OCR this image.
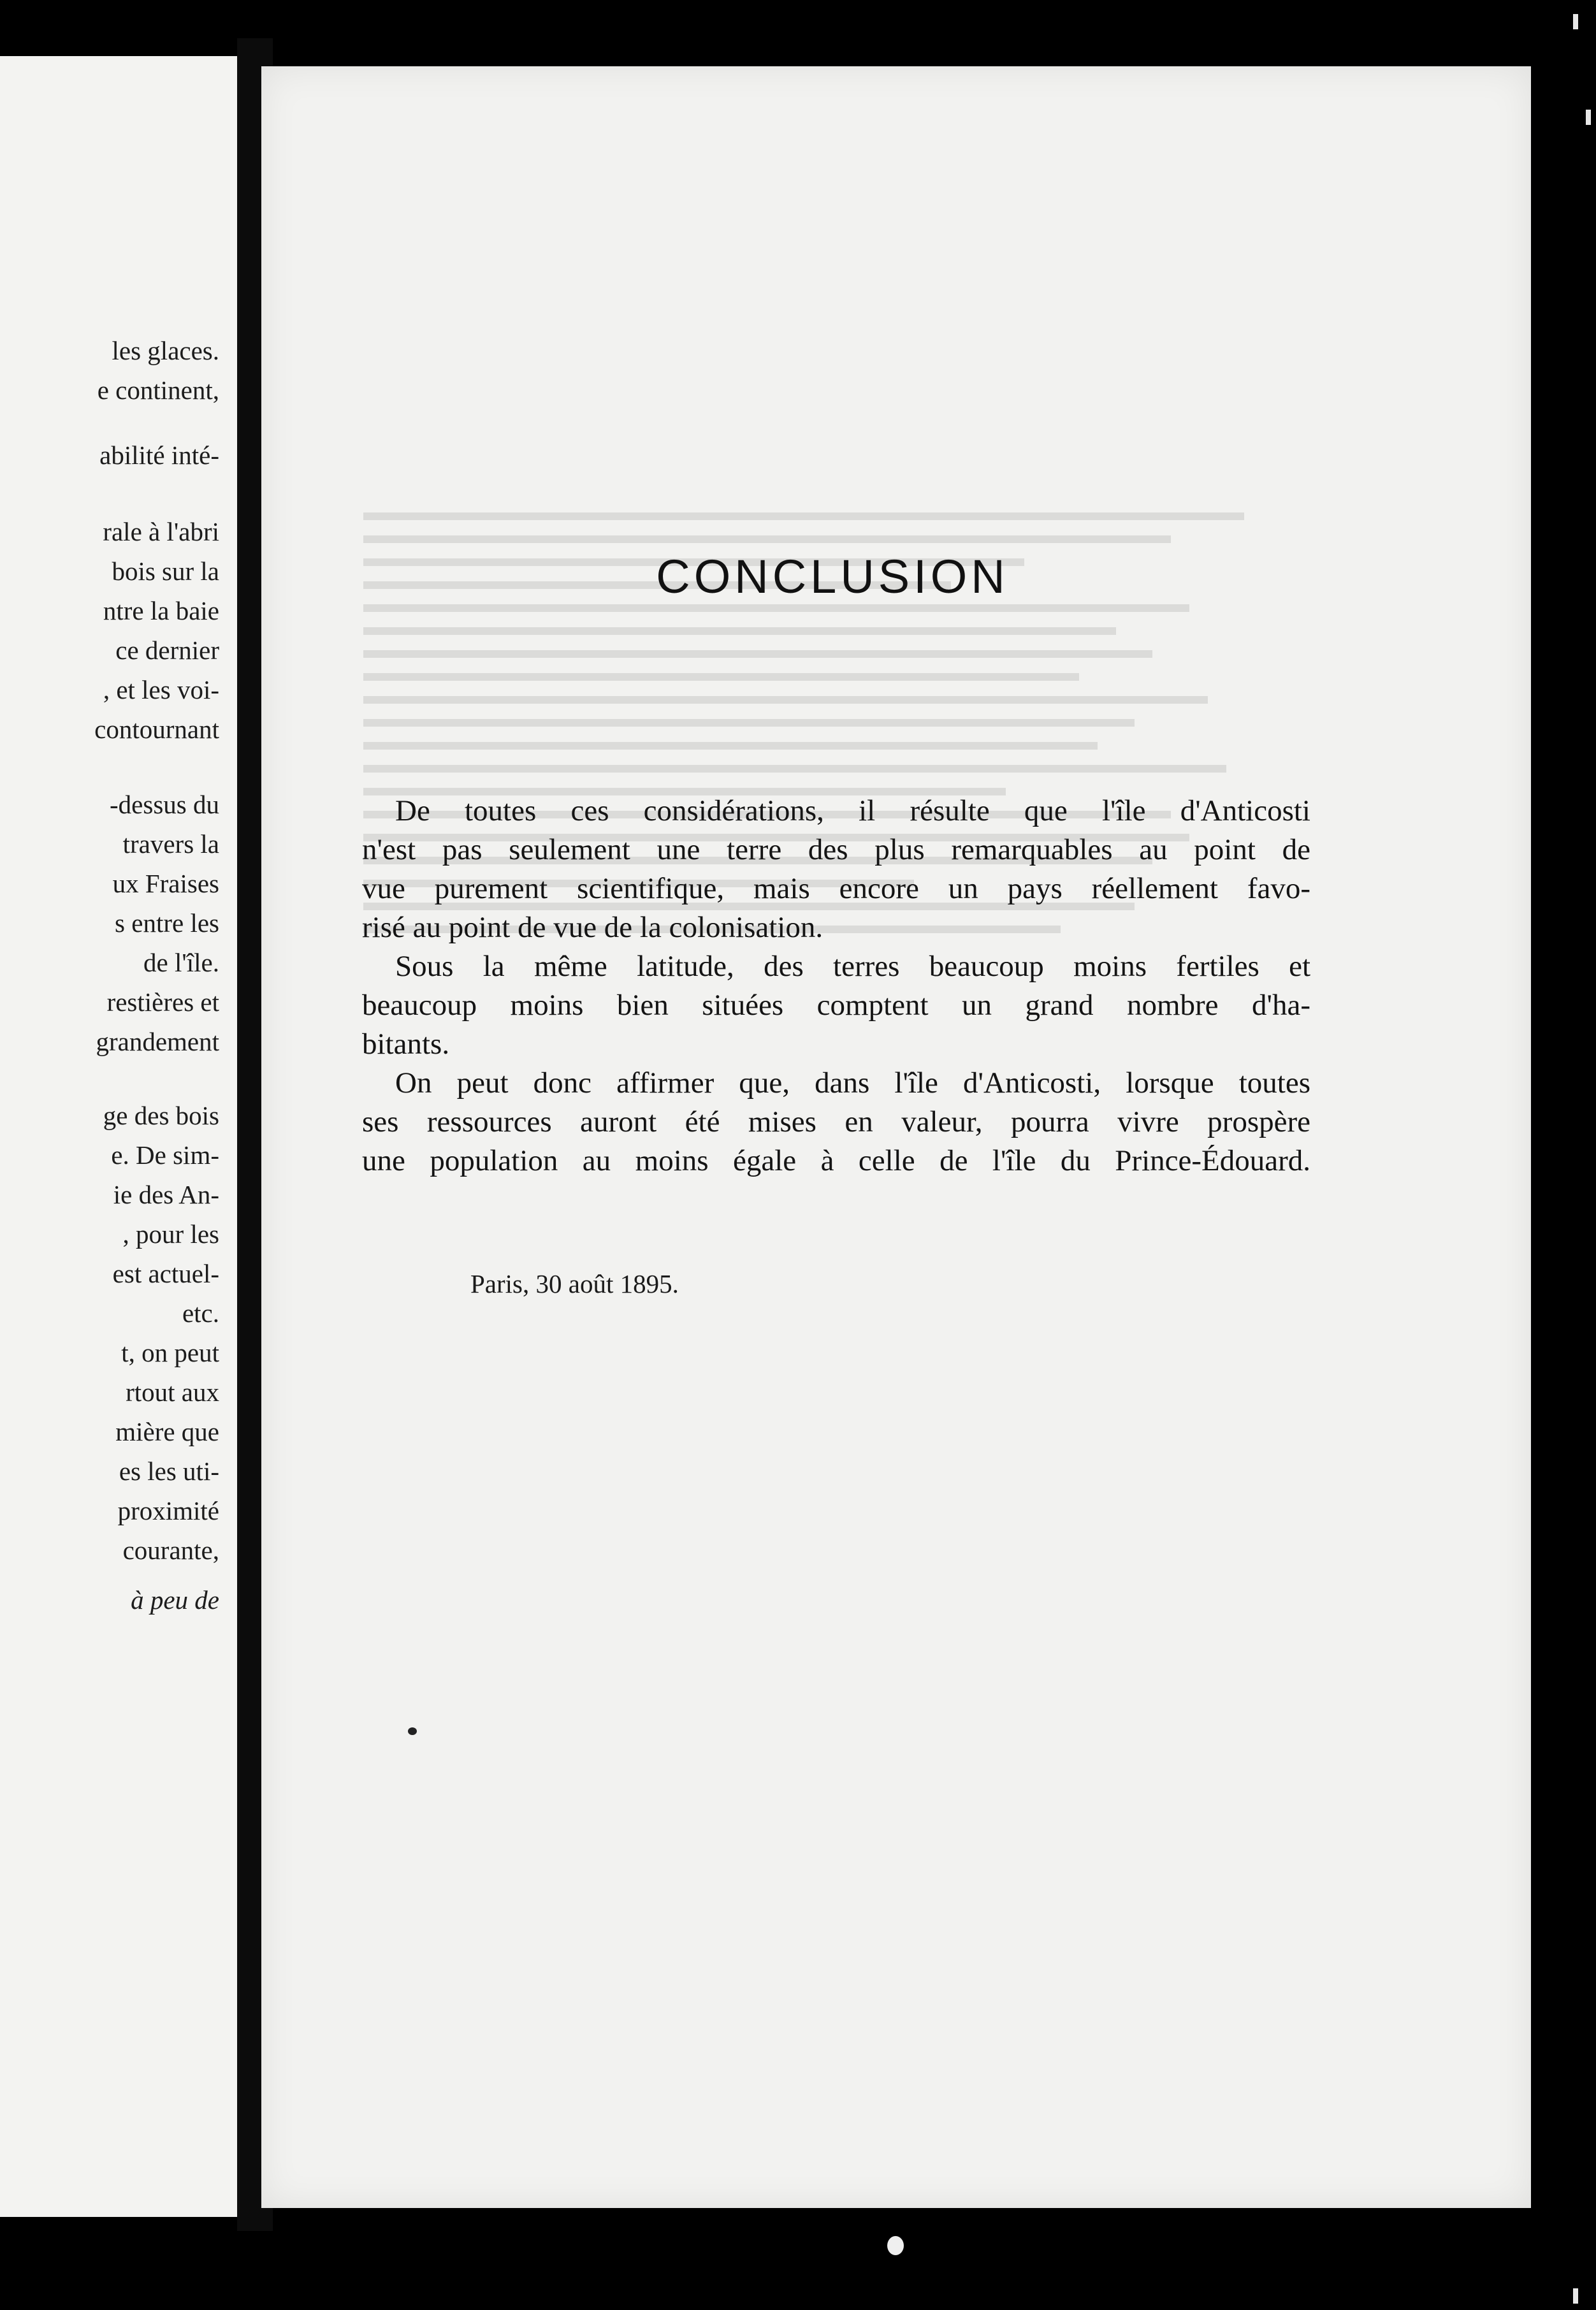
les glaces.
e continent,
abilité inté-
rale à l'abri
bois sur la
ntre la baie
ce dernier
, et les voi-
contournant
-dessus du
travers la
ux Fraises
s entre les
de l'île.
restières et
grandement
ge des bois
e. De sim-
ie des An-
, pour les
est actuel-
etc.
t, on peut
rtout aux
mière que
es les uti-
proximité
courante,
à peu de
CONCLUSION
De toutes ces considérations, il résulte que l'île d'Anticosti
n'est pas seulement une terre des plus remarquables au point de
vue purement scientifique, mais encore un pays réellement favo-
risé au point de vue de la colonisation.
Sous la même latitude, des terres beaucoup moins fertiles et
beaucoup moins bien situées comptent un grand nombre d'ha-
bitants.
On peut donc affirmer que, dans l'île d'Anticosti, lorsque toutes
ses ressources auront été mises en valeur, pourra vivre prospère
une population au moins égale à celle de l'île du Prince-Édouard.
Paris, 30 août 1895.
